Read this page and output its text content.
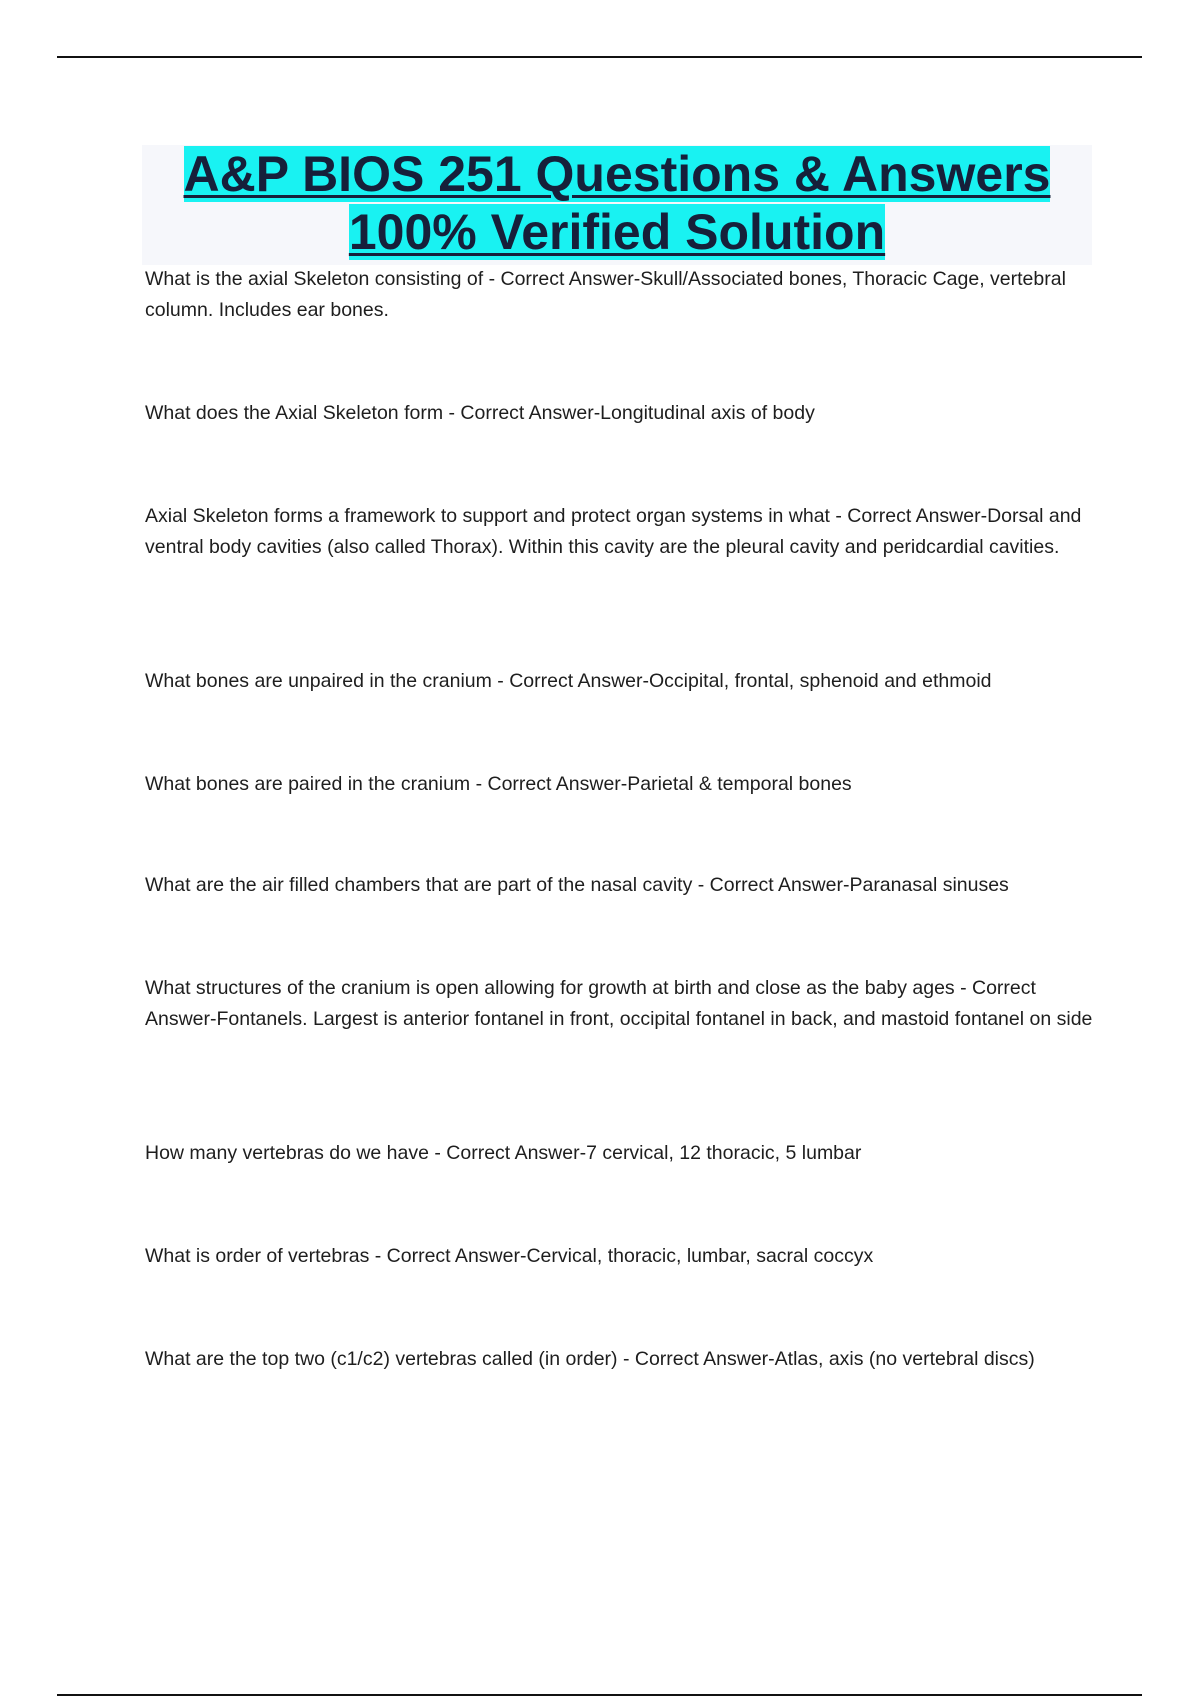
A&P BIOS 251 Questions & Answers
100% Verified Solution

What is the axial Skeleton consisting of - Correct Answer-Skull/Associated bones, Thoracic Cage, vertebral column. Includes ear bones.

What does the Axial Skeleton form - Correct Answer-Longitudinal axis of body

Axial Skeleton forms a framework to support and protect organ systems in what - Correct Answer-Dorsal and ventral body cavities (also called Thorax). Within this cavity are the pleural cavity and peridcardial cavities.

What bones are unpaired in the cranium - Correct Answer-Occipital, frontal, sphenoid and ethmoid

What bones are paired in the cranium - Correct Answer-Parietal & temporal bones

What are the air filled chambers that are part of the nasal cavity - Correct Answer-Paranasal sinuses

What structures of the cranium is open allowing for growth at birth and close as the baby ages - Correct Answer-Fontanels. Largest is anterior fontanel in front, occipital fontanel in back, and mastoid fontanel on side

How many vertebras do we have - Correct Answer-7 cervical, 12 thoracic, 5 lumbar

What is order of vertebras - Correct Answer-Cervical, thoracic, lumbar, sacral coccyx

What are the top two (c1/c2) vertebras called (in order) - Correct Answer-Atlas, axis (no vertebral discs)
